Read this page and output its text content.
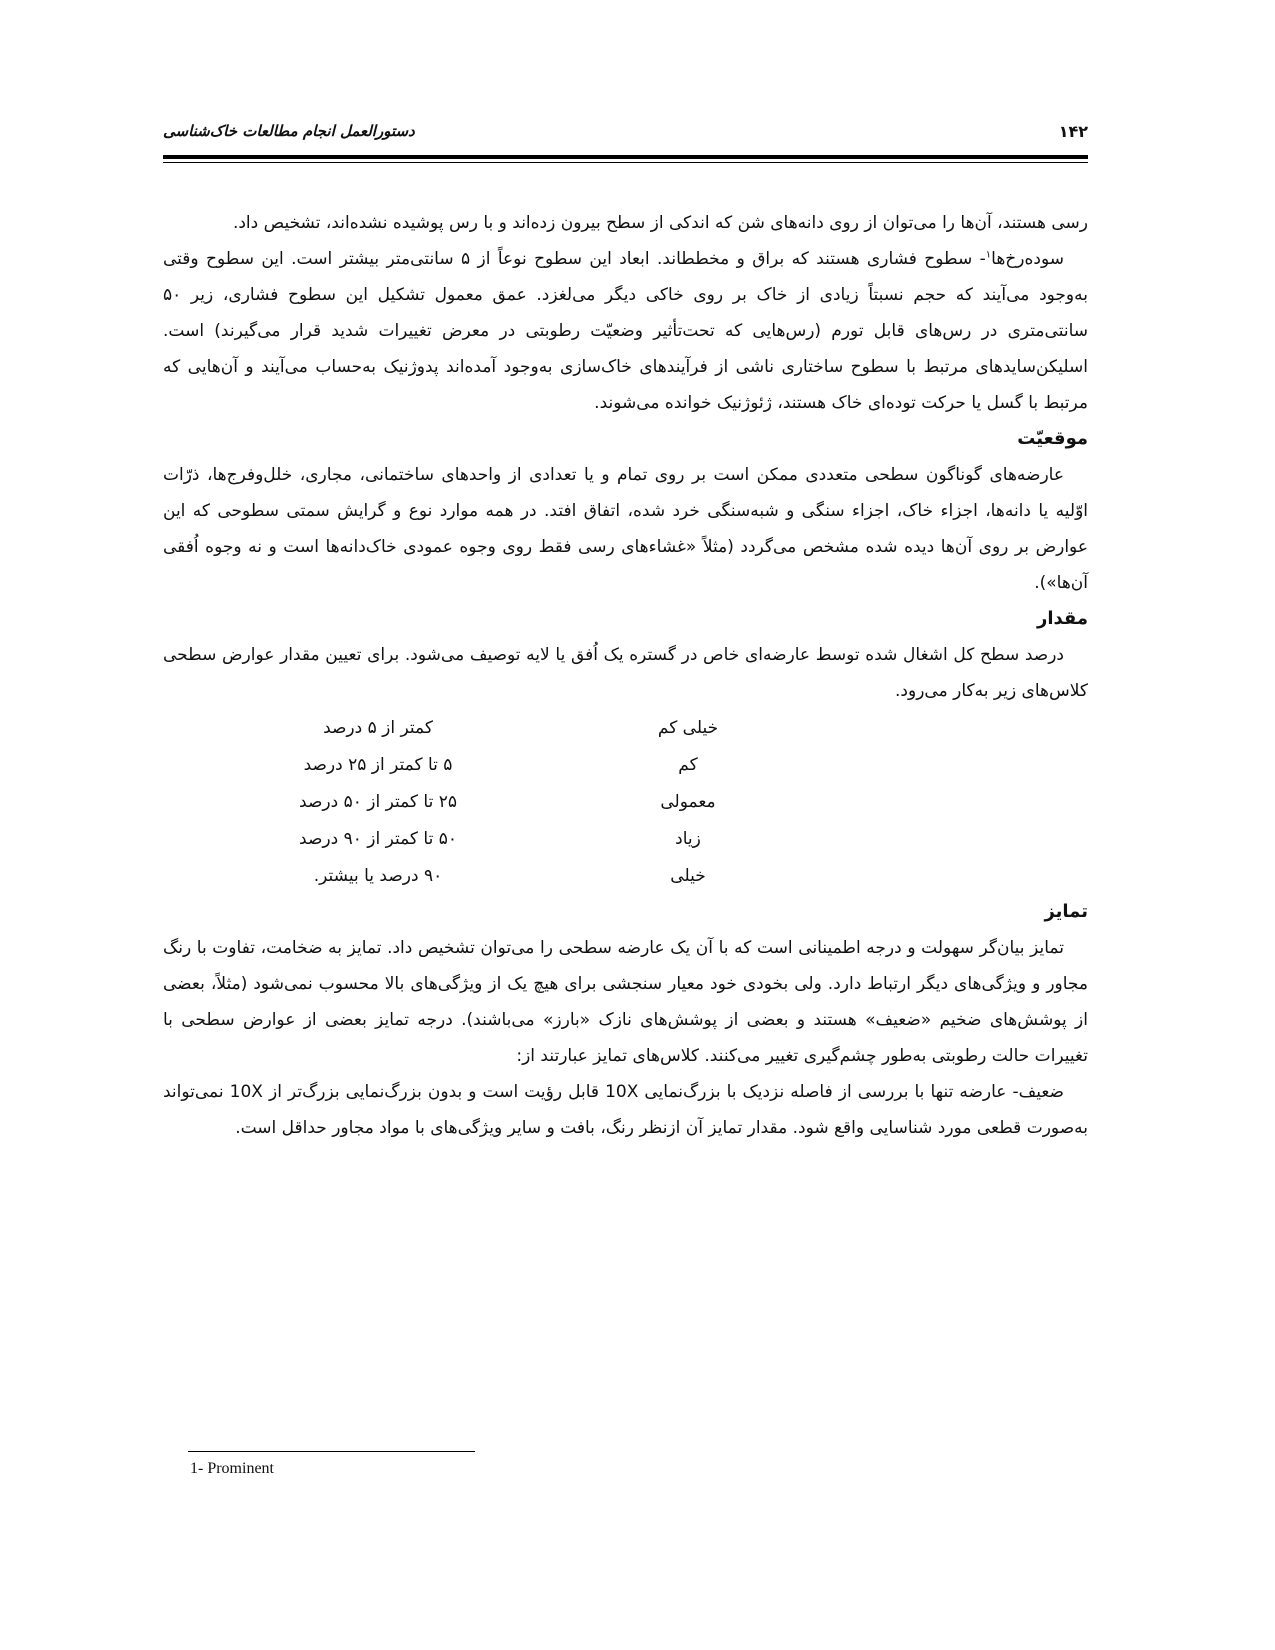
۱۴۲
دستورالعمل انجام مطالعات خاک‌شناسی

رسی هستند، آن‌ها را می‌توان از روی دانه‌های شن که اندکی از سطح بیرون زده‌اند و با رس پوشیده نشده‌اند، تشخیص داد.

سوده‌رخ‌ها$^۱$- سطوح فشاری هستند که براق و مخططاند. ابعاد این سطوح نوعاً از ۵ سانتی‌متر بیشتر است. این سطوح وقتی به‌وجود می‌آیند که حجم نسبتاً زیادی از خاک بر روی خاکی دیگر می‌لغزد. عمق معمول تشکیل این سطوح فشاری، زیر ۵۰ سانتی‌متری در رس‌های قابل تورم (رس‌هایی که تحت‌تأثیر وضعیّت رطوبتی در معرض تغییرات شدید قرار می‌گیرند) است. اسلیکن‌سایدهای مرتبط با سطوح ساختاری ناشی از فرآیندهای خاک‌سازی به‌وجود آمده‌اند پدوژنیک به‌حساب می‌آیند و آن‌هایی که مرتبط با گسل یا حرکت توده‌ای خاک هستند، ژئوژنیک خوانده می‌شوند.

موقعیّت

عارضه‌های گوناگون سطحی متعددی ممکن است بر روی تمام و یا تعدادی از واحدهای ساختمانی، مجاری، خلل‌وفرج‌ها، ذرّات اوّلیه یا دانه‌ها، اجزاء خاک، اجزاء سنگی و شبه‌سنگی خرد شده، اتفاق افتد. در همه موارد نوع و گرایش سمتی سطوحی که این عوارض بر روی آن‌ها دیده شده مشخص می‌گردد (مثلاً «غشاء‌های رسی فقط روی وجوه عمودی خاک‌دانه‌ها است و نه وجوه اُفقی آن‌ها»).

مقدار

درصد سطح کل اشغال شده توسط عارضه‌ای خاص در گستره یک اُفق یا لایه توصیف می‌شود. برای تعیین مقدار عوارض سطحی کلاس‌های زیر به‌کار می‌رود.

خیلی کم
کمتر از ۵ درصد
کم
۵ تا کمتر از ۲۵ درصد
معمولی
۲۵ تا کمتر از ۵۰ درصد
زیاد
۵۰ تا کمتر از ۹۰ درصد
خیلی
۹۰ درصد یا بیشتر.

تمایز

تمایز بیان‌گر سهولت و درجه اطمینانی است که با آن یک عارضه سطحی را می‌توان تشخیص داد. تمایز به ضخامت، تفاوت با رنگ مجاور و ویژگی‌های دیگر ارتباط دارد. ولی بخودی خود معیار سنجشی برای هیچ یک از ویژگی‌های بالا محسوب نمی‌شود (مثلاً، بعضی از پوشش‌های ضخیم «ضعیف» هستند و بعضی از پوشش‌های نازک «بارز» می‌باشند). درجه تمایز بعضی از عوارض سطحی با تغییرات حالت رطوبتی به‌طور چشم‌گیری تغییر می‌کنند. کلاس‌های تمایز عبارتند از:

ضعیف- عارضه تنها با بررسی از فاصله نزدیک با بزرگ‌نمایی 10X قابل رؤیت است و بدون بزرگ‌نمایی بزرگ‌تر از 10X نمی‌تواند به‌صورت قطعی مورد شناسایی واقع شود. مقدار تمایز آن ازنظر رنگ، بافت و سایر ویژگی‌های با مواد مجاور حداقل است.

1- Prominent
